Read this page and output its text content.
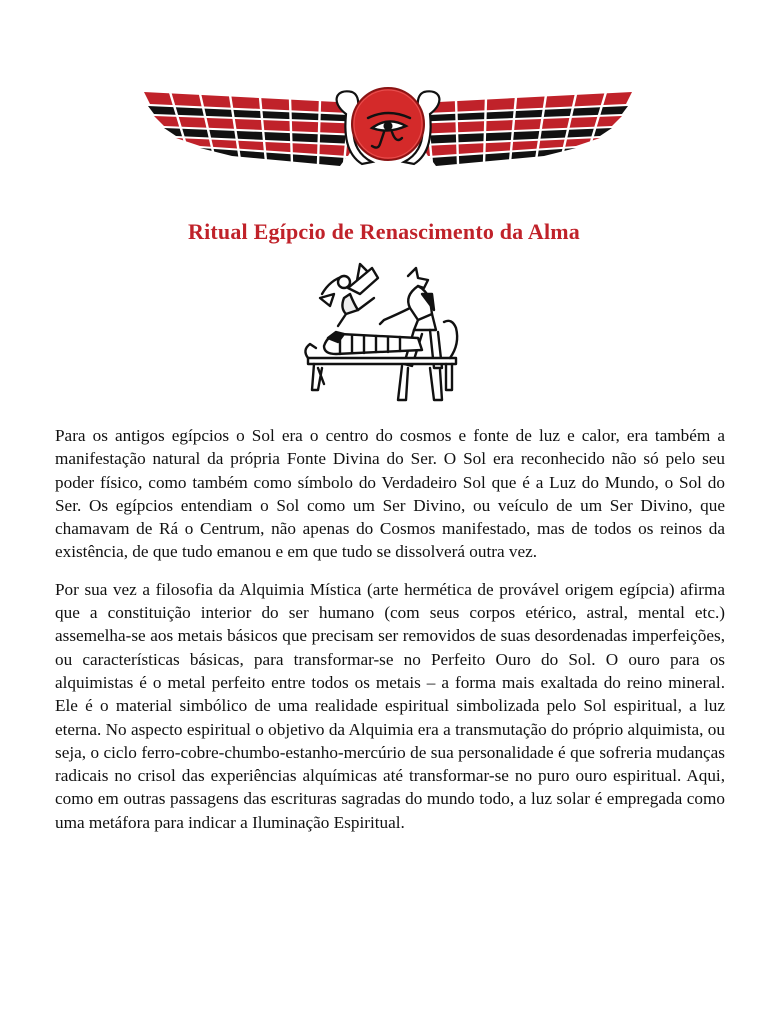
Ritual Egípcio de Renascimento da Alma

Para os antigos egípcios o Sol era o centro do cosmos e fonte de luz e calor, era também a manifestação natural da própria Fonte Divina do Ser. O Sol era reconhecido não só pelo seu poder físico, como também como símbolo do Verdadeiro Sol que é a Luz do Mundo, o Sol do Ser. Os egípcios entendiam o Sol como um Ser Divino, ou veículo de um Ser Divino, que chamavam de Rá o Centrum, não apenas do Cosmos manifestado, mas de todos os reinos da existência, de que tudo emanou e em que tudo se dissolverá outra vez.

Por sua vez a filosofia da Alquimia Mística (arte hermética de provável origem egípcia) afirma que a constituição interior do ser humano (com seus corpos etérico, astral, mental etc.) assemelha-se aos metais básicos que precisam ser removidos de suas desordenadas imperfeições, ou características básicas, para transformar-se no Perfeito Ouro do Sol. O ouro para os alquimistas é o metal perfeito entre todos os metais – a forma mais exaltada do reino mineral. Ele é o material simbólico de uma realidade espiritual simbolizada pelo Sol espiritual, a luz eterna. No aspecto espiritual o objetivo da Alquimia era a transmutação do próprio alquimista, ou seja, o ciclo ferro-cobre-chumbo-estanho-mercúrio de sua personalidade é que sofreria mudanças radicais no crisol das experiências alquímicas até transformar-se no puro ouro espiritual. Aqui, como em outras passagens das escrituras sagradas do mundo todo, a luz solar é empregada como uma metáfora para indicar a Iluminação Espiritual.
